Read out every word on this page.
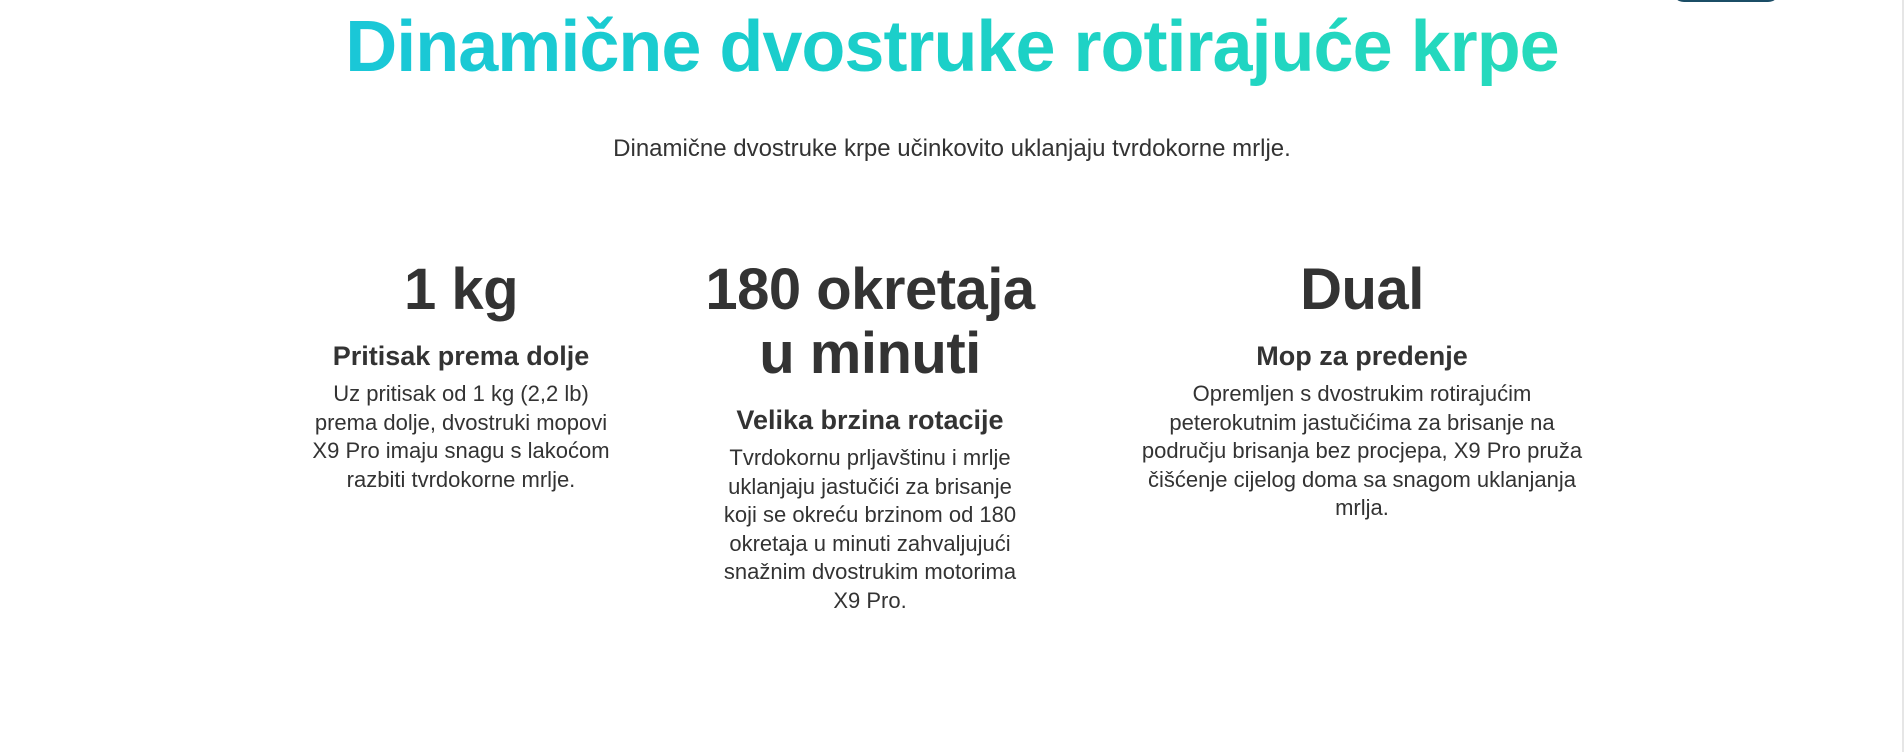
Dinamične dvostruke rotirajuće krpe

Dinamične dvostruke krpe učinkovito uklanjaju tvrdokorne mrlje.

1 kg
Pritisak prema dolje

Uz pritisak od 1 kg (2,2 lb) prema dolje, dvostruki mopovi X9 Pro imaju snagu s lakoćom razbiti tvrdokorne mrlje.

180 okretaja u minuti
Velika brzina rotacije

Tvrdokornu prljavštinu i mrlje uklanjaju jastučići za brisanje koji se okreću brzinom od 180 okretaja u minuti zahvaljujući snažnim dvostrukim motorima X9 Pro.

Dual
Mop za predenje

Opremljen s dvostrukim rotirajućim peterokutnim jastučićima za brisanje na području brisanja bez procjepa, X9 Pro pruža čišćenje cijelog doma sa snagom uklanjanja mrlja.
